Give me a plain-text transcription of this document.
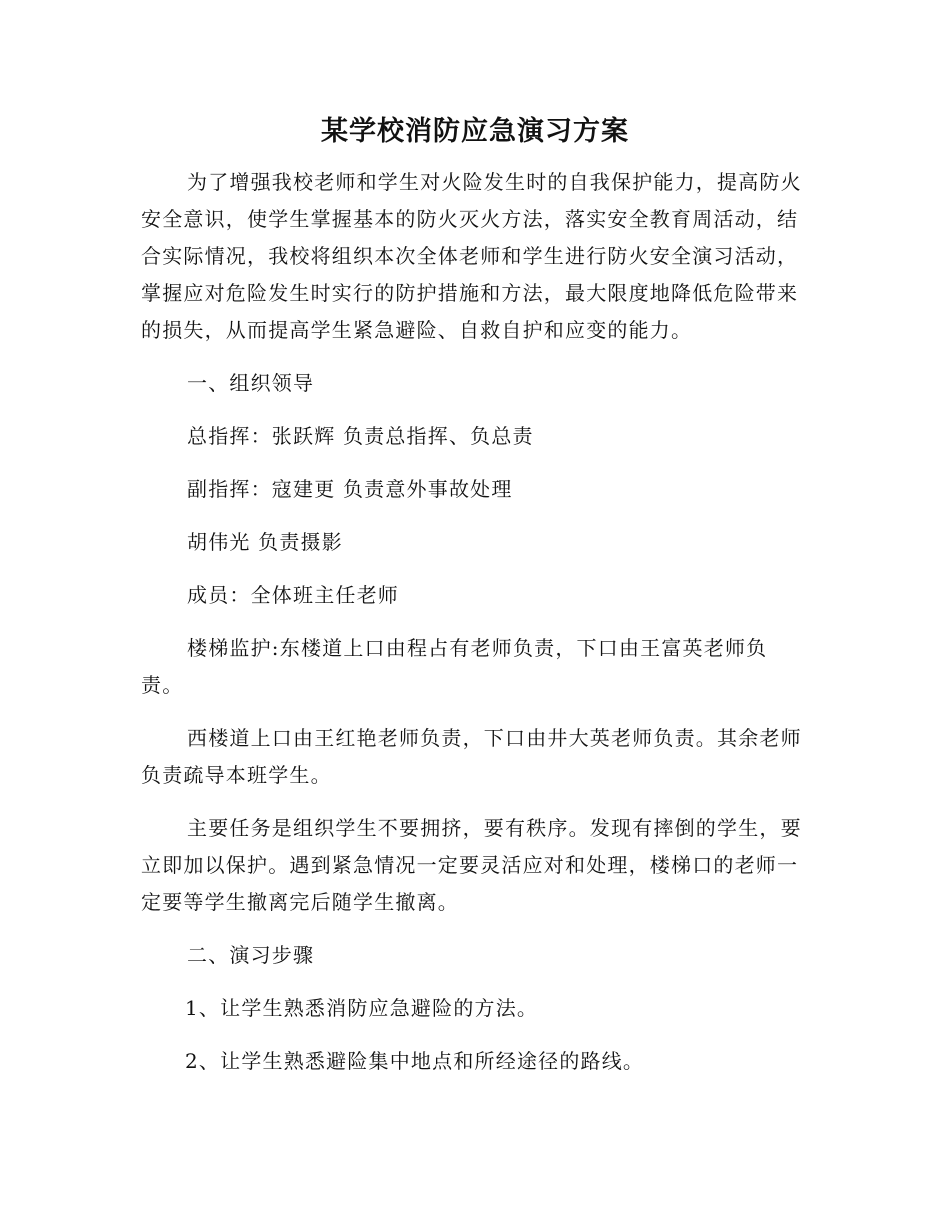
某学校消防应急演习方案

为了增强我校老师和学生对火险发生时的自我保护能力，提高防火安全意识，使学生掌握基本的防火灭火方法，落实安全教育周活动，结合实际情况，我校将组织本次全体老师和学生进行防火安全演习活动，掌握应对危险发生时实行的防护措施和方法，最大限度地降低危险带来的损失，从而提高学生紧急避险、自救自护和应变的能力。

一、组织领导

总指挥：张跃辉 负责总指挥、负总责

副指挥：寇建更 负责意外事故处理

胡伟光 负责摄影

成员：全体班主任老师

楼梯监护:东楼道上口由程占有老师负责，下口由王富英老师负责。

西楼道上口由王红艳老师负责，下口由井大英老师负责。其余老师负责疏导本班学生。

主要任务是组织学生不要拥挤，要有秩序。发现有摔倒的学生，要立即加以保护。遇到紧急情况一定要灵活应对和处理，楼梯口的老师一定要等学生撤离完后随学生撤离。

二、演习步骤

1、让学生熟悉消防应急避险的方法。

2、让学生熟悉避险集中地点和所经途径的路线。
